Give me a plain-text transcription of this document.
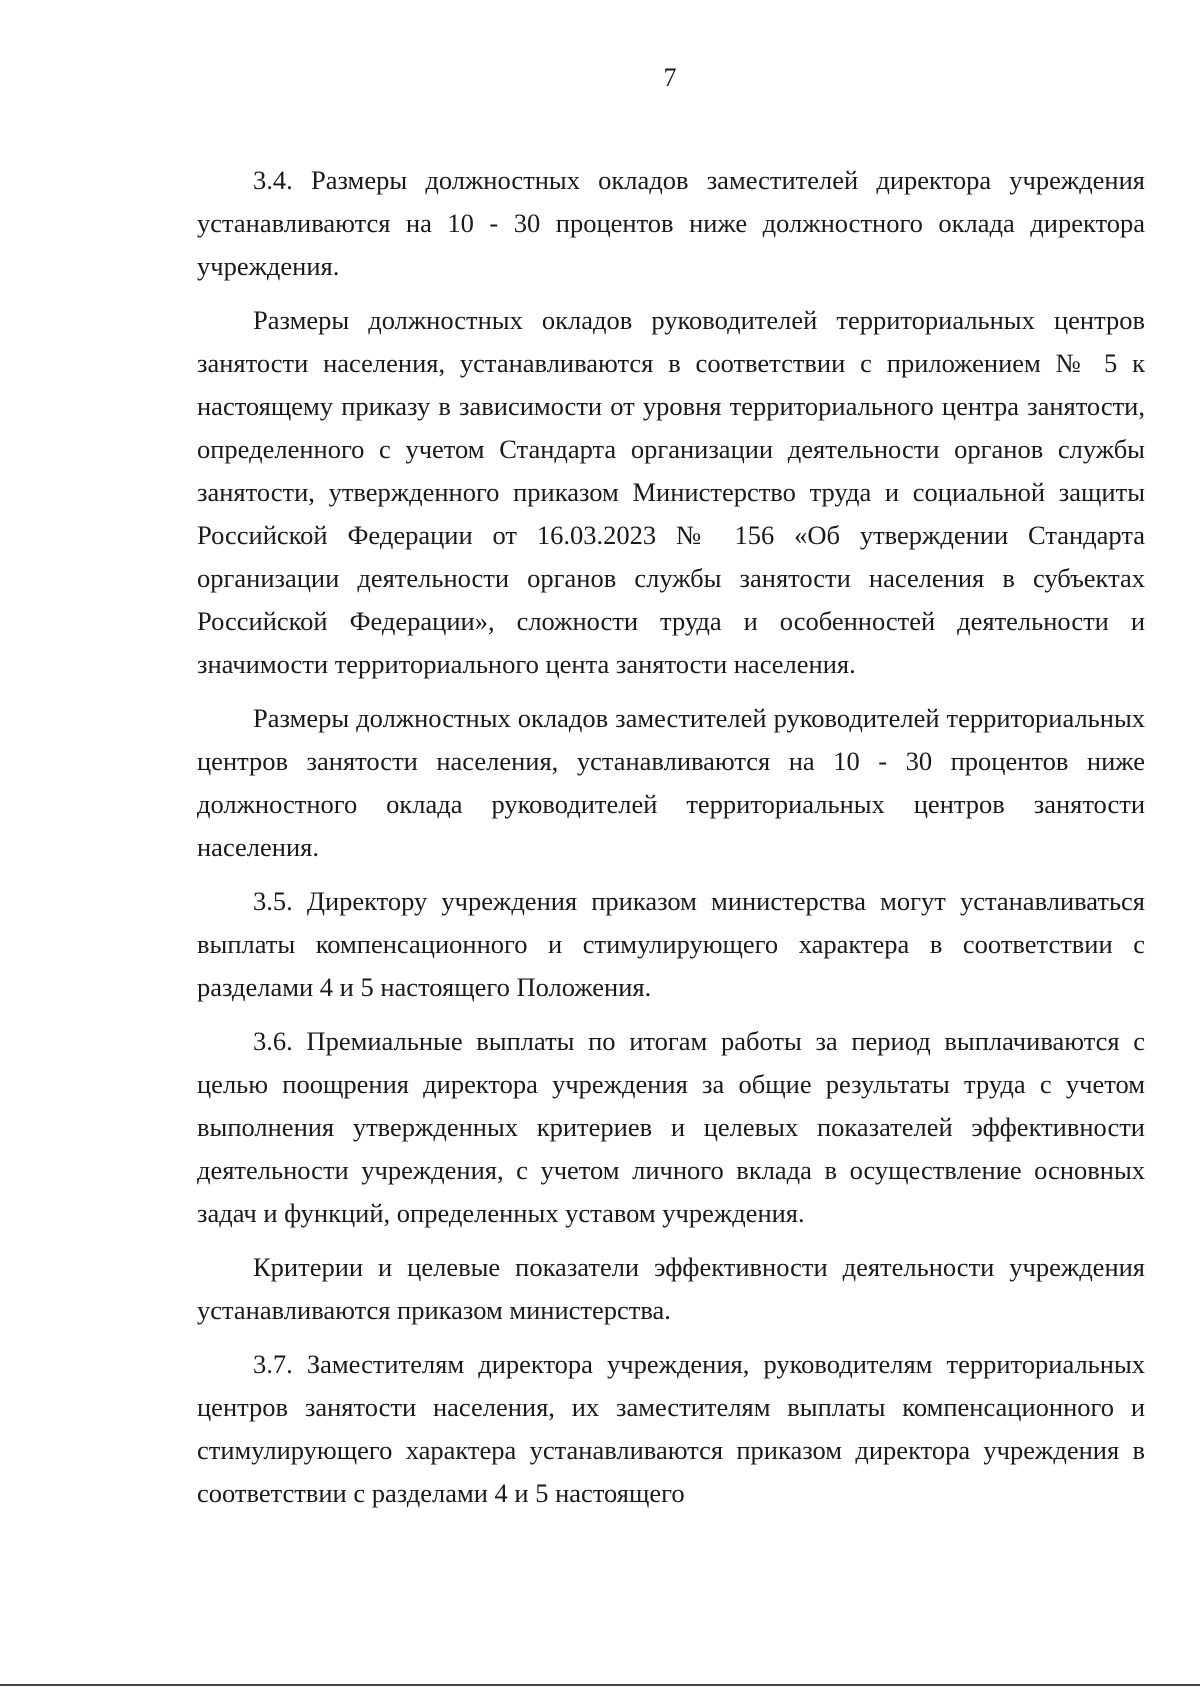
7

3.4. Размеры должностных окладов заместителей директора учреждения устанавливаются на 10 - 30 процентов ниже должностного оклада директора учреждения.

Размеры должностных окладов руководителей территориальных центров занятости населения, устанавливаются в соответствии с приложением № 5 к настоящему приказу в зависимости от уровня территориального центра занятости, определенного с учетом Стандарта организации деятельности органов службы занятости, утвержденного приказом Министерство труда и социальной защиты Российской Федерации от 16.03.2023 № 156 «Об утверждении Стандарта организации деятельности органов службы занятости населения в субъектах Российской Федерации», сложности труда и особенностей деятельности и значимости территориального цента занятости населения.

Размеры должностных окладов заместителей руководителей территориальных центров занятости населения, устанавливаются на 10 - 30 процентов ниже должностного оклада руководителей территориальных центров занятости населения.

3.5. Директору учреждения приказом министерства могут устанавливаться выплаты компенсационного и стимулирующего характера в соответствии с разделами 4 и 5 настоящего Положения.

3.6. Премиальные выплаты по итогам работы за период выплачиваются с целью поощрения директора учреждения за общие результаты труда с учетом выполнения утвержденных критериев и целевых показателей эффективности деятельности учреждения, с учетом личного вклада в осуществление основных задач и функций, определенных уставом учреждения.

Критерии и целевые показатели эффективности деятельности учреждения устанавливаются приказом министерства.

3.7. Заместителям директора учреждения, руководителям территориальных центров занятости населения, их заместителям выплаты компенсационного и стимулирующего характера устанавливаются приказом директора учреждения в соответствии с разделами 4 и 5 настоящего
